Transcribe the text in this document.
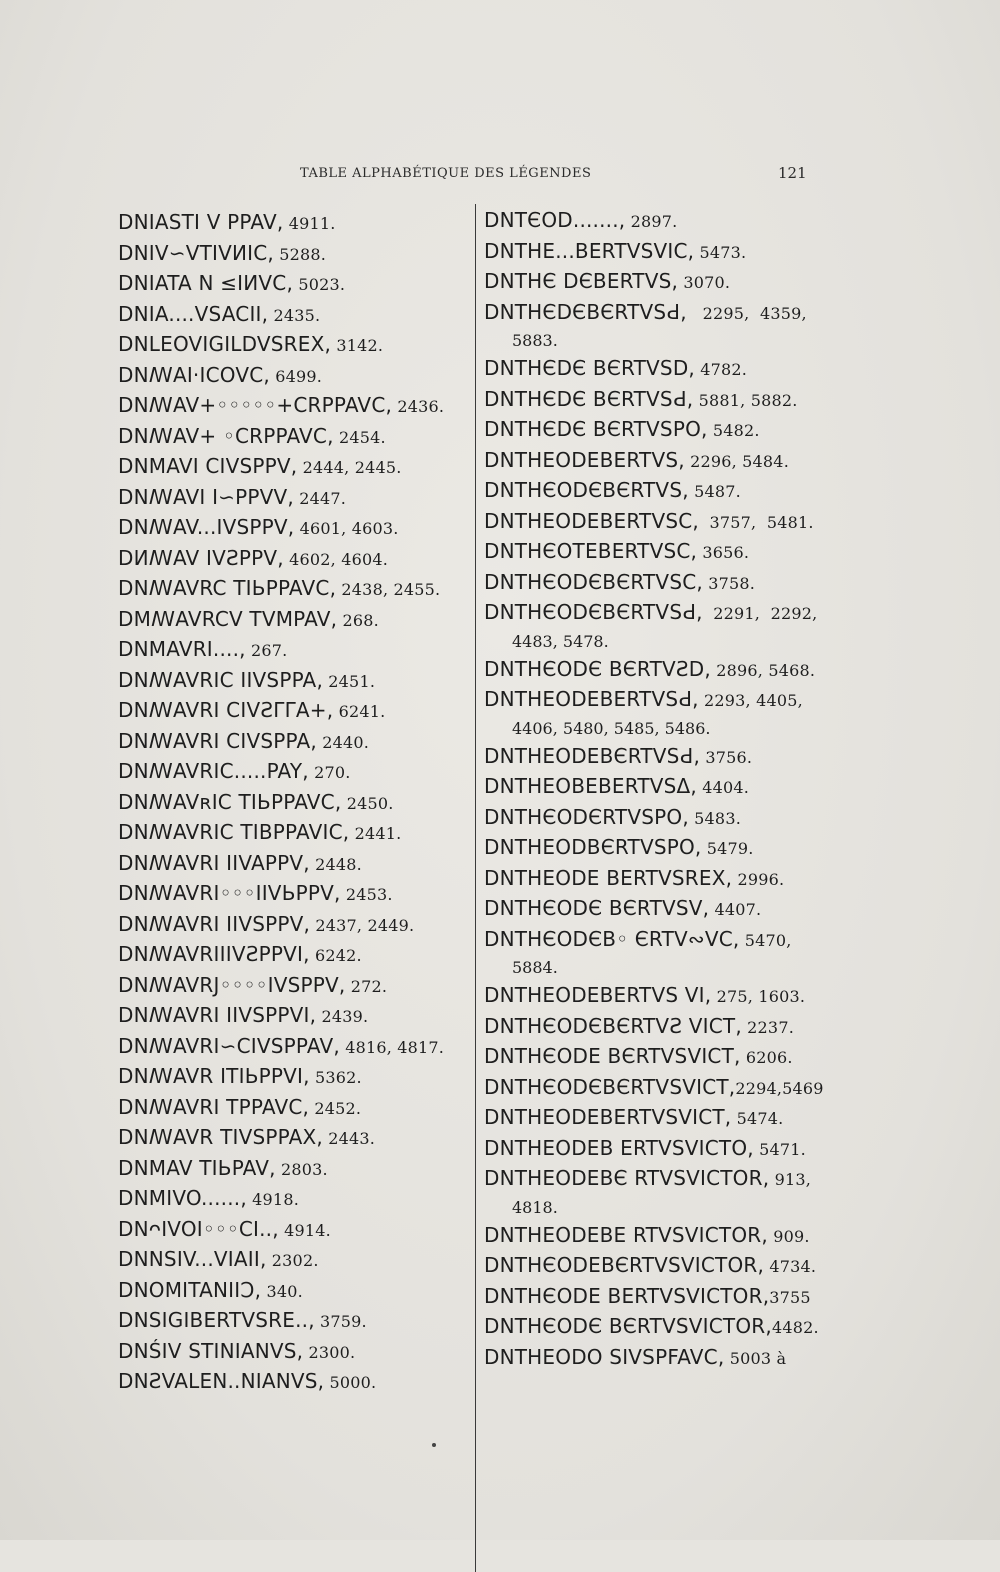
TABLE ALPHABÉTIQUE DES LÉGENDES	121
DNIASTI V PPAV, 4911.
DNIV∽VTIVИIC, 5288.
DNIATA N ≤IИVC, 5023.
DNIA....VSACII, 2435.
DNLEOVIGILDVSREX, 3142.
DNꟿAI·ICOVC, 6499.
DNꟿAV+◦◦◦◦◦+CRPPAVC, 2436.
DNꟿAV+ ◦CRPPAVC, 2454.
DNMAVI CIVSPPV, 2444, 2445.
DNꟿAVI I∽PPVV, 2447.
DNꟿAV...IVSPPV, 4601, 4603.
DИꟿAV IVƧPPV, 4602, 4604.
DNꟿAVRC TIЬPPAVC, 2438, 2455.
DMꟿAVRCV TVMPAV, 268.
DNMAVRI...., 267.
DNꟿAVRIC IIVSPPA, 2451.
DNꟿAVRI CIVƧΓΓA+, 6241.
DNꟿAVRI CIVSPPA, 2440.
DNꟿAVRIC.....PAY, 270.
DNꟿAVʀIC TIЬPPAVC, 2450.
DNꟿAVRIC TIBPPAVIC, 2441.
DNꟿAVRI IIVAPPV, 2448.
DNꟿAVRI◦◦◦IIVЬPPV, 2453.
DNꟿAVRI IIVSPPV, 2437, 2449.
DNꟿAVRIIIVƧPPVI, 6242.
DNꟿAVRJ◦◦◦◦IVSPPV, 272.
DNꟿAVRI IIVSPPVI, 2439.
DNꟿAVRI∽CIVSPPAV, 4816, 4817.
DNꟿAVR ITIЬPPVI, 5362.
DNꟿAVRI TPPAVC, 2452.
DNꟿAVR TIVSPPAX, 2443.
DNMAV TIЬPAV, 2803.
DNMIVO......, 4918.
DNᴖIVOI◦◦◦CI.., 4914.
DNNSIV...VIAII, 2302.
DNOMITANIIϽ, 340.
DNSIGIBERTVSRE.., 3759.
DNŚIV STINIANVS, 2300.
DNƧVALEN..NIANVS, 5000.
DNTЄOD......., 2897.
DNTHE...BERTVSVIC, 5473.
DNTHЄ DЄBERTVS, 3070.
DNTHЄDЄBЄRTVSԀ,   2295,  4359,
5883.
DNTHЄDЄ BЄRTVSD, 4782.
DNTHЄDЄ BЄRTVSԀ, 5881, 5882.
DNTHЄDЄ BЄRTVSPO, 5482.
DNTHEODEBERTVS, 2296, 5484.
DNTHЄODЄBЄRTVS, 5487.
DNTHEODEBERTVSC,  3757,  5481.
DNTHЄOTEBERTVSC, 3656.
DNTHЄODЄBЄRTVSC, 3758.
DNTHЄODЄBЄRTVSԀ,  2291,  2292,
4483, 5478.
DNTHЄODЄ BЄRTVƧD, 2896, 5468.
DNTHEODEBERTVSԀ, 2293, 4405,
4406, 5480, 5485, 5486.
DNTHEODEBЄRTVSԀ, 3756.
DNTHEOBEBERTVSΔ, 4404.
DNTHЄODЄRTVSPO, 5483.
DNTHEODBЄRTVSPO, 5479.
DNTHEODE BERTVSREX, 2996.
DNTHЄODЄ BЄRTVSV, 4407.
DNTHЄODЄB◦ ЄRTV∾VC, 5470,
5884.
DNTHEODEBERTVS VI, 275, 1603.
DNTHЄODЄBЄRTVƧ VICT, 2237.
DNTHЄODE BЄRTVSVICT, 6206.
DNTHЄODЄBЄRTVSVICT,2294,5469
DNTHEODEBERTVSVICT, 5474.
DNTHEODEB ERTVSVICTO, 5471.
DNTHEODEBЄ RTVSVICTOR, 913,
4818.
DNTHEODEBE RTVSVICTOR, 909.
DNTHЄODEBЄRTVSVICTOR, 4734.
DNTHЄODE BERTVSVICTOR,3755
DNTHЄODЄ BЄRTVSVICTOR,4482.
DNTHEODO SIVSPFAVC, 5003 à
